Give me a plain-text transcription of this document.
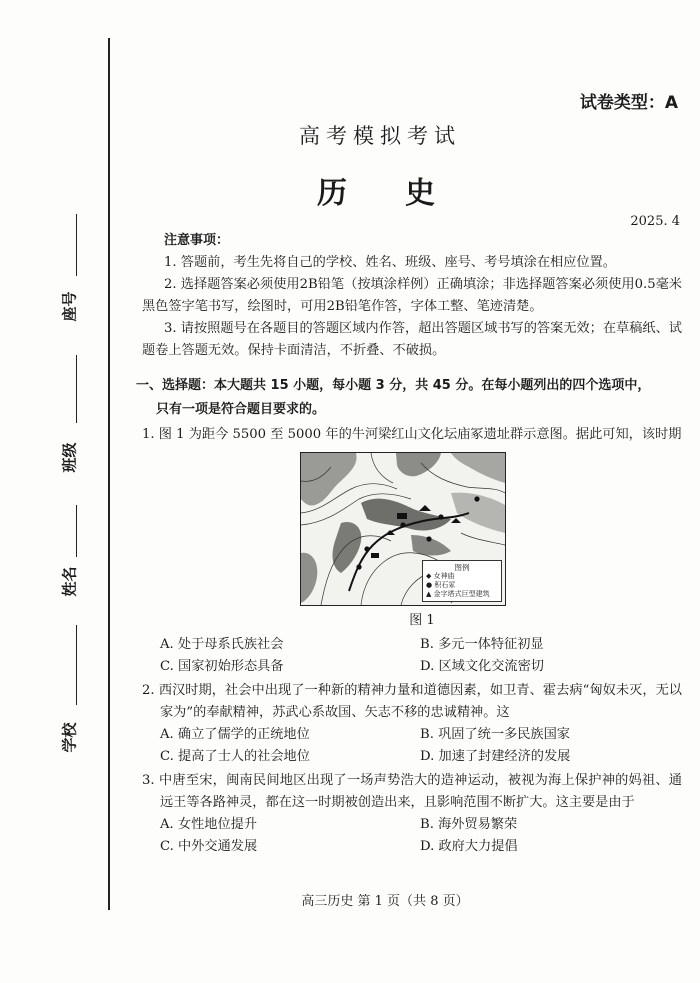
座号
班级
姓名
学校
试卷类型：A
高考模拟考试
历史
2025. 4
注意事项：

1. 答题前，考生先将自己的学校、姓名、班级、座号、考号填涂在相应位置。

2. 选择题答案必须使用2B铅笔（按填涂样例）正确填涂；非选择题答案必须使用0.5毫米黑色签字笔书写，绘图时，可用2B铅笔作答，字体工整、笔迹清楚。

3. 请按照题号在各题目的答题区域内作答，超出答题区域书写的答案无效；在草稿纸、试题卷上答题无效。保持卡面清洁，不折叠、不破损。

一、选择题：本大题共 15 小题，每小题 3 分，共 45 分。在每小题列出的四个选项中，
只有一项是符合题目要求的。
1. 图 1 为距今 5500 至 5000 年的牛河梁红山文化坛庙冢遗址群示意图。据此可知，该时期
图例
◆ 女神庙
● 积石冢
▲ 金字塔式巨型建筑
图 1
A. 处于母系氏族社会	B. 多元一体特征初显
C. 国家初始形态具备	D. 区域文化交流密切
2. 西汉时期，社会中出现了一种新的精神力量和道德因素，如卫青、霍去病“匈奴未灭，无以家为”的奉献精神，苏武心系故国、矢志不移的忠诚精神。这
A. 确立了儒学的正统地位	B. 巩固了统一多民族国家
C. 提高了士人的社会地位	D. 加速了封建经济的发展
3. 中唐至宋，闽南民间地区出现了一场声势浩大的造神运动，被视为海上保护神的妈祖、通远王等各路神灵，都在这一时期被创造出来，且影响范围不断扩大。这主要是由于
A. 女性地位提升	B. 海外贸易繁荣
C. 中外交通发展	D. 政府大力提倡
高三历史 第 1 页（共 8 页）
